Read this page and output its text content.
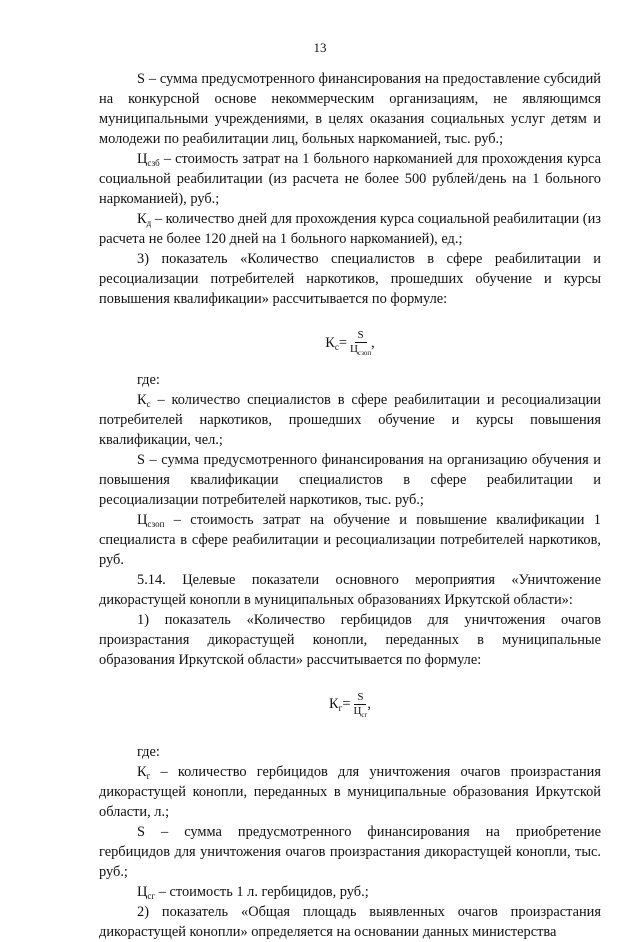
13

S – сумма предусмотренного финансирования на предоставление субсидий на конкурсной основе некоммерческим организациям, не являющимся муниципальными учреждениями, в целях оказания социальных услуг детям и молодежи по реабилитации лиц, больных наркоманией, тыс. руб.;

$Ц_{сзб}$ – стоимость затрат на 1 больного наркоманией для прохождения курса социальной реабилитации (из расчета не более 500 рублей/день на 1 больного наркоманией), руб.;

$К_д$ – количество дней для прохождения курса социальной реабилитации (из расчета не более 120 дней на 1 больного наркоманией), ед.;

3) показатель «Количество специалистов в сфере реабилитации и ресоциализации потребителей наркотиков, прошедших обучение и курсы повышения квалификации» рассчитывается по формуле:

$К_с= \frac{S}{Ц_{сзоп}}$ ,

где:

$К_с$ – количество специалистов в сфере реабилитации и ресоциализации потребителей наркотиков, прошедших обучение и курсы повышения квалификации, чел.;

S – сумма предусмотренного финансирования на организацию обучения и повышения квалификации специалистов в сфере реабилитации и ресоциализации потребителей наркотиков, тыс. руб.;

$Ц_{сзоп}$ – стоимость затрат на обучение и повышение квалификации 1 специалиста в сфере реабилитации и ресоциализации потребителей наркотиков, руб.

5.14. Целевые показатели основного мероприятия «Уничтожение дикорастущей конопли в муниципальных образованиях Иркутской области»:

1) показатель «Количество гербицидов для уничтожения очагов произрастания дикорастущей конопли, переданных в муниципальные образования Иркутской области» рассчитывается по формуле:

$К_г= \frac{S}{Ц_{сг}}$ ,

где:

$К_г$ – количество гербицидов для уничтожения очагов произрастания дикорастущей конопли, переданных в муниципальные образования Иркутской области, л.;

S – сумма предусмотренного финансирования на приобретение гербицидов для уничтожения очагов произрастания дикорастущей конопли, тыс. руб.;

$Ц_{сг}$ – стоимость 1 л. гербицидов, руб.;

2) показатель «Общая площадь выявленных очагов произрастания дикорастущей конопли» определяется на основании данных министерства
